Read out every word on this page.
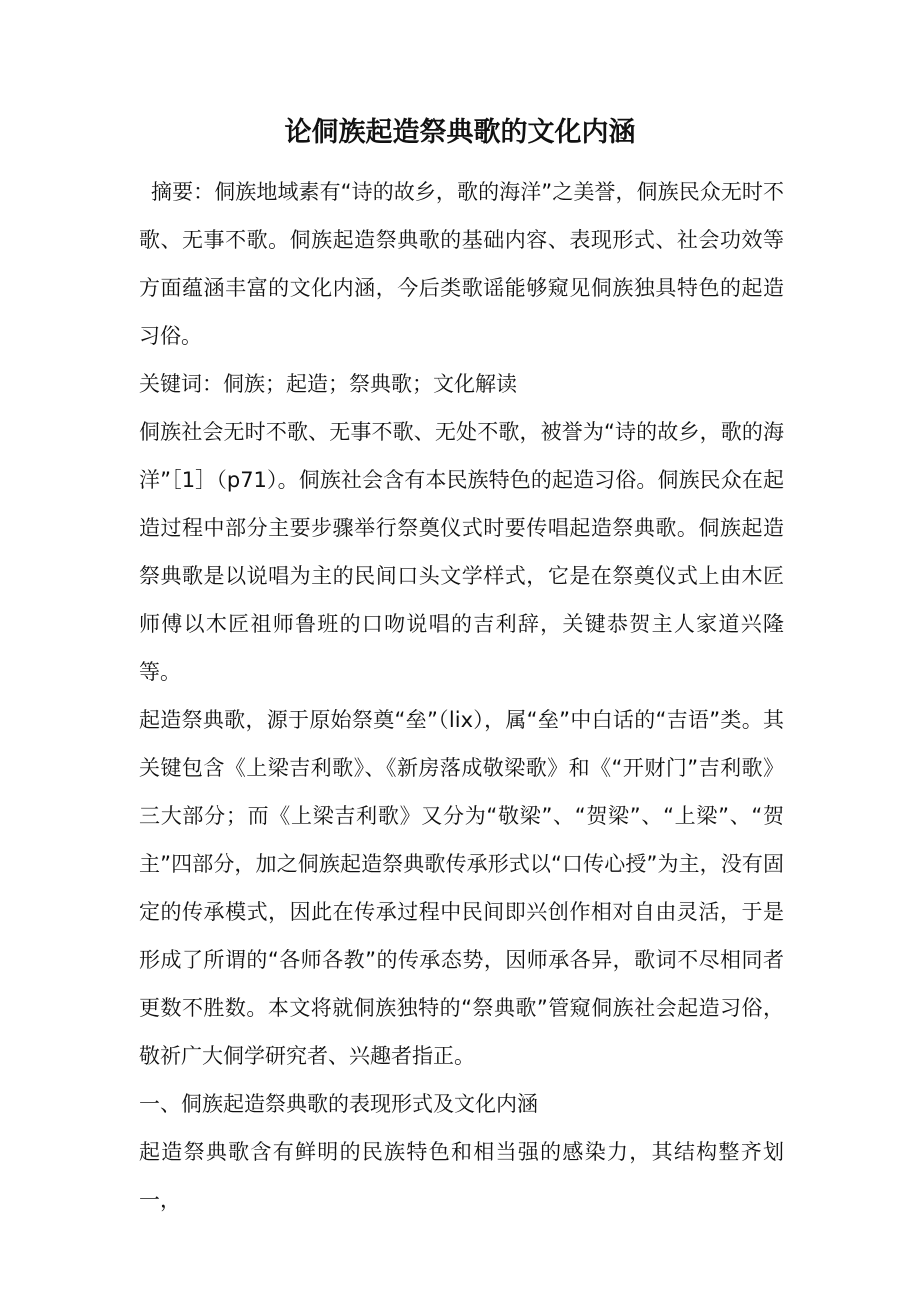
论侗族起造祭典歌的文化内涵

摘要：侗族地域素有“诗的故乡，歌的海洋”之美誉，侗族民众无时不歌、无事不歌。侗族起造祭典歌的基础内容、表现形式、社会功效等方面蕴涵丰富的文化内涵，今后类歌谣能够窥见侗族独具特色的起造习俗。

关键词：侗族；起造；祭典歌；文化解读

侗族社会无时不歌、无事不歌、无处不歌，被誉为“诗的故乡，歌的海洋”［1］（p71）。侗族社会含有本民族特色的起造习俗。侗族民众在起造过程中部分主要步骤举行祭奠仪式时要传唱起造祭典歌。侗族起造祭典歌是以说唱为主的民间口头文学样式，它是在祭奠仪式上由木匠师傅以木匠祖师鲁班的口吻说唱的吉利辞，关键恭贺主人家道兴隆等。

起造祭典歌，源于原始祭奠“垒”（lix），属“垒”中白话的“吉语”类。其关键包含《上梁吉利歌》、《新房落成敬梁歌》和《“开财门”吉利歌》三大部分；而《上梁吉利歌》又分为“敬梁”、“贺梁”、“上梁”、“贺主”四部分，加之侗族起造祭典歌传承形式以“口传心授”为主，没有固定的传承模式，因此在传承过程中民间即兴创作相对自由灵活，于是形成了所谓的“各师各教”的传承态势，因师承各异，歌词不尽相同者更数不胜数。本文将就侗族独特的“祭典歌”管窥侗族社会起造习俗，敬祈广大侗学研究者、兴趣者指正。

一、侗族起造祭典歌的表现形式及文化内涵

起造祭典歌含有鲜明的民族特色和相当强的感染力，其结构整齐划一，
